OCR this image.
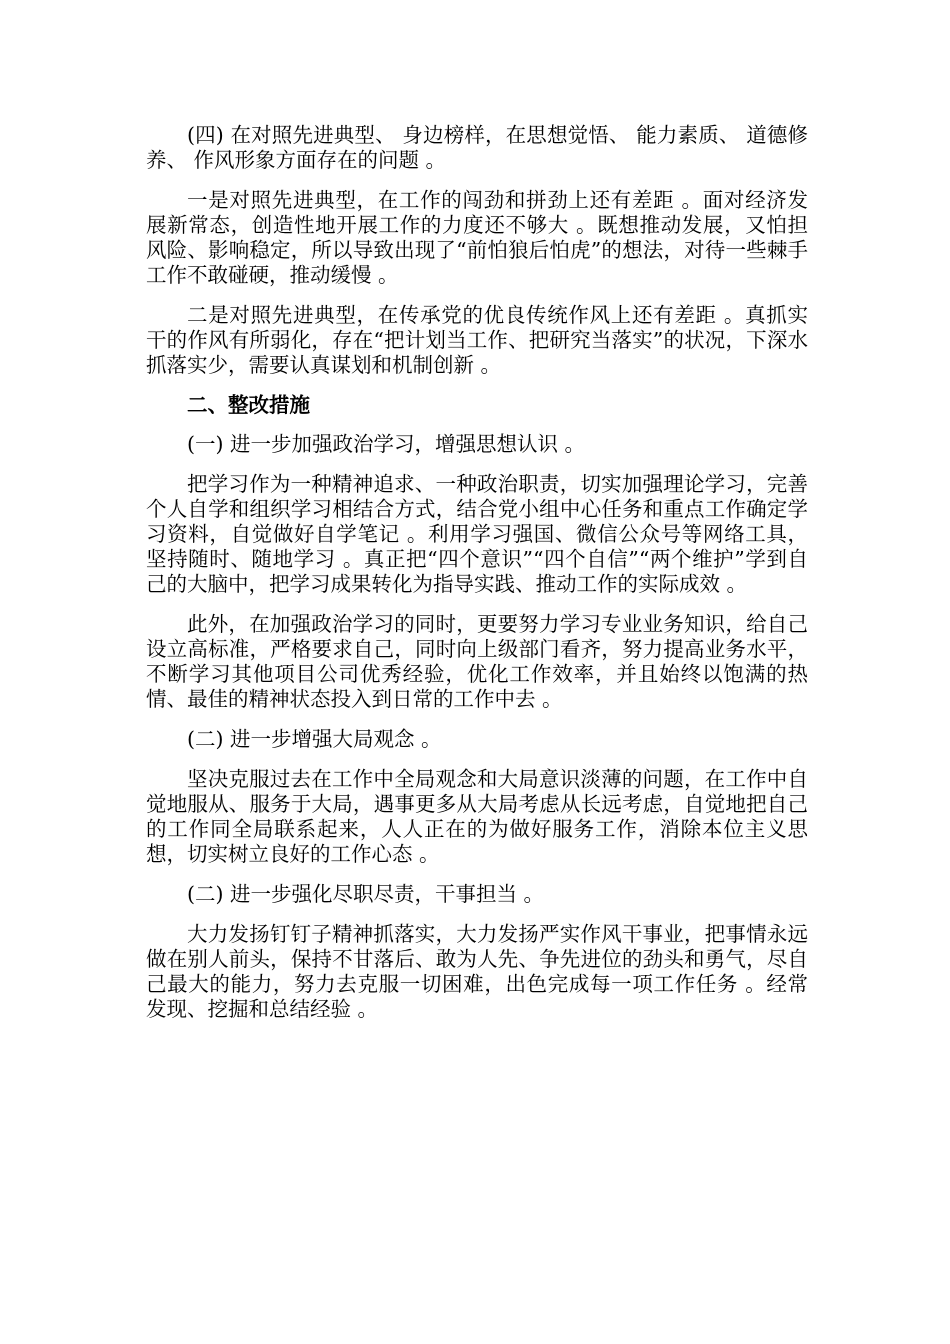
(四) 在对照先进典型、 身边榜样，在思想觉悟、 能力素质、 道德修养、 作风形象方面存在的问题 。

一是对照先进典型，在工作的闯劲和拼劲上还有差距 。面对经济发展新常态，创造性地开展工作的力度还不够大 。既想推动发展，又怕担风险、影响稳定，所以导致出现了“前怕狼后怕虎”的想法，对待一些棘手工作不敢碰硬，推动缓慢 。

二是对照先进典型，在传承党的优良传统作风上还有差距 。真抓实干的作风有所弱化，存在“把计划当工作、把研究当落实”的状况，下深水抓落实少，需要认真谋划和机制创新 。

二、整改措施

(一) 进一步加强政治学习，增强思想认识 。

把学习作为一种精神追求、一种政治职责，切实加强理论学习，完善个人自学和组织学习相结合方式，结合党小组中心任务和重点工作确定学习资料，自觉做好自学笔记 。利用学习强国、微信公众号等网络工具，坚持随时、随地学习 。真正把“四个意识”“四个自信”“两个维护”学到自己的大脑中，把学习成果转化为指导实践、推动工作的实际成效 。

此外，在加强政治学习的同时，更要努力学习专业业务知识，给自己设立高标准，严格要求自己，同时向上级部门看齐，努力提高业务水平，不断学习其他项目公司优秀经验，优化工作效率，并且始终以饱满的热情、最佳的精神状态投入到日常的工作中去 。

(二) 进一步增强大局观念 。

坚决克服过去在工作中全局观念和大局意识淡薄的问题，在工作中自觉地服从、服务于大局，遇事更多从大局考虑从长远考虑，自觉地把自己的工作同全局联系起来，人人正在的为做好服务工作，消除本位主义思想，切实树立良好的工作心态 。

(二) 进一步强化尽职尽责，干事担当 。

大力发扬钉钉子精神抓落实，大力发扬严实作风干事业，把事情永远做在别人前头，保持不甘落后、敢为人先、争先进位的劲头和勇气，尽自己最大的能力，努力去克服一切困难，出色完成每一项工作任务 。经常发现、挖掘和总结经验 。
